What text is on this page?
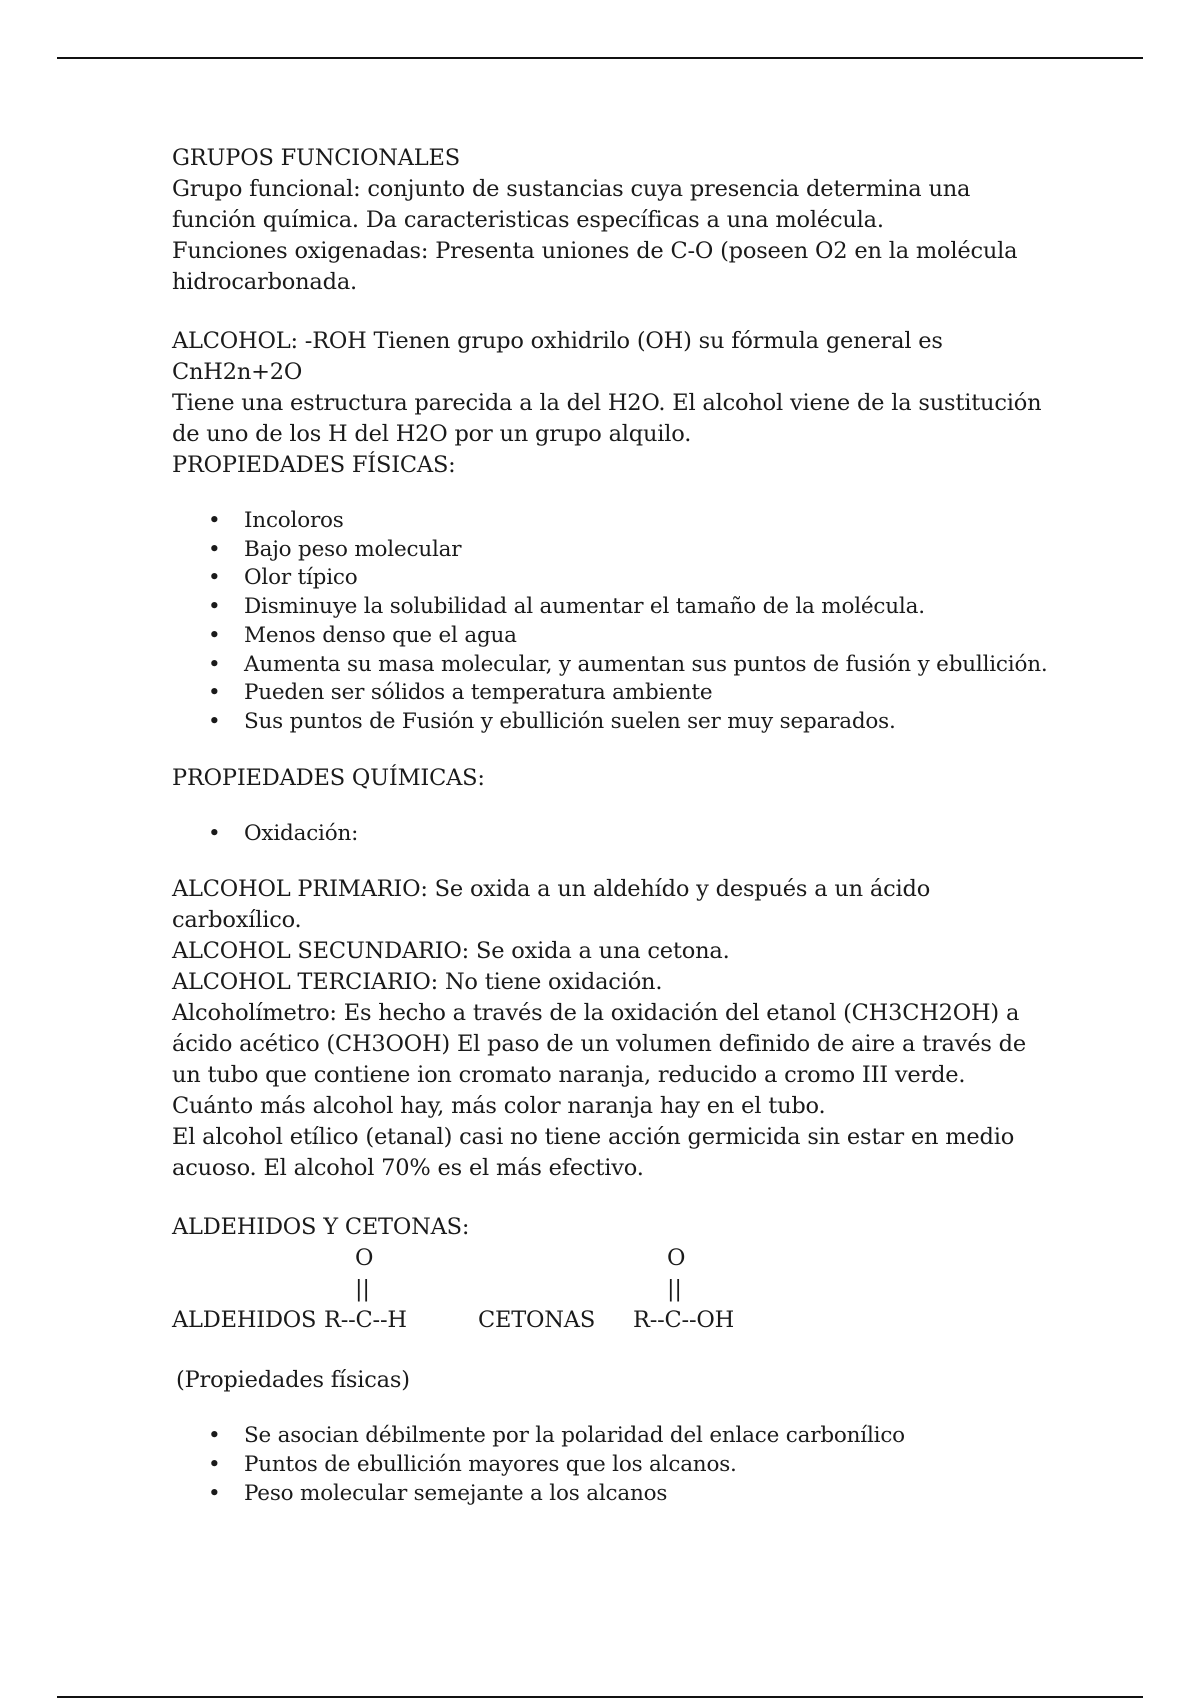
GRUPOS FUNCIONALES

Grupo funcional: conjunto de sustancias cuya presencia determina una

función química. Da caracteristicas específicas a una molécula.

Funciones oxigenadas: Presenta uniones de C-O (poseen O2 en la molécula

hidrocarbonada.

ALCOHOL: -ROH Tienen grupo oxhidrilo (OH) su fórmula general es

CnH2n+2O

Tiene una estructura parecida a la del H2O. El alcohol viene de la sustitución

de uno de los H del H2O por un grupo alquilo.

PROPIEDADES FÍSICAS:

• Incoloros
• Bajo peso molecular
• Olor típico
• Disminuye la solubilidad al aumentar el tamaño de la molécula.
• Menos denso que el agua
• Aumenta su masa molecular, y aumentan sus puntos de fusión y ebullición.
• Pueden ser sólidos a temperatura ambiente
• Sus puntos de Fusión y ebullición suelen ser muy separados.

PROPIEDADES QUÍMICAS:

• Oxidación:

ALCOHOL PRIMARIO: Se oxida a un aldehído y después a un ácido

carboxílico.

ALCOHOL SECUNDARIO: Se oxida a una cetona.

ALCOHOL TERCIARIO: No tiene oxidación.

Alcoholímetro: Es hecho a través de la oxidación del etanol (CH3CH2OH) a

ácido acético (CH3OOH) El paso de un volumen definido de aire a través de

un tubo que contiene ion cromato naranja, reducido a cromo III verde.

Cuánto más alcohol hay, más color naranja hay en el tubo.

El alcohol etílico (etanal) casi no tiene acción germicida sin estar en medio

acuoso. El alcohol 70% es el más efectivo.

ALDEHIDOS Y CETONAS:

O
||
ALDEHIDOS R--C--H
O
||
CETONAS R--C--OH

(Propiedades físicas)

• Se asocian débilmente por la polaridad del enlace carbonílico
• Puntos de ebullición mayores que los alcanos.
• Peso molecular semejante a los alcanos
